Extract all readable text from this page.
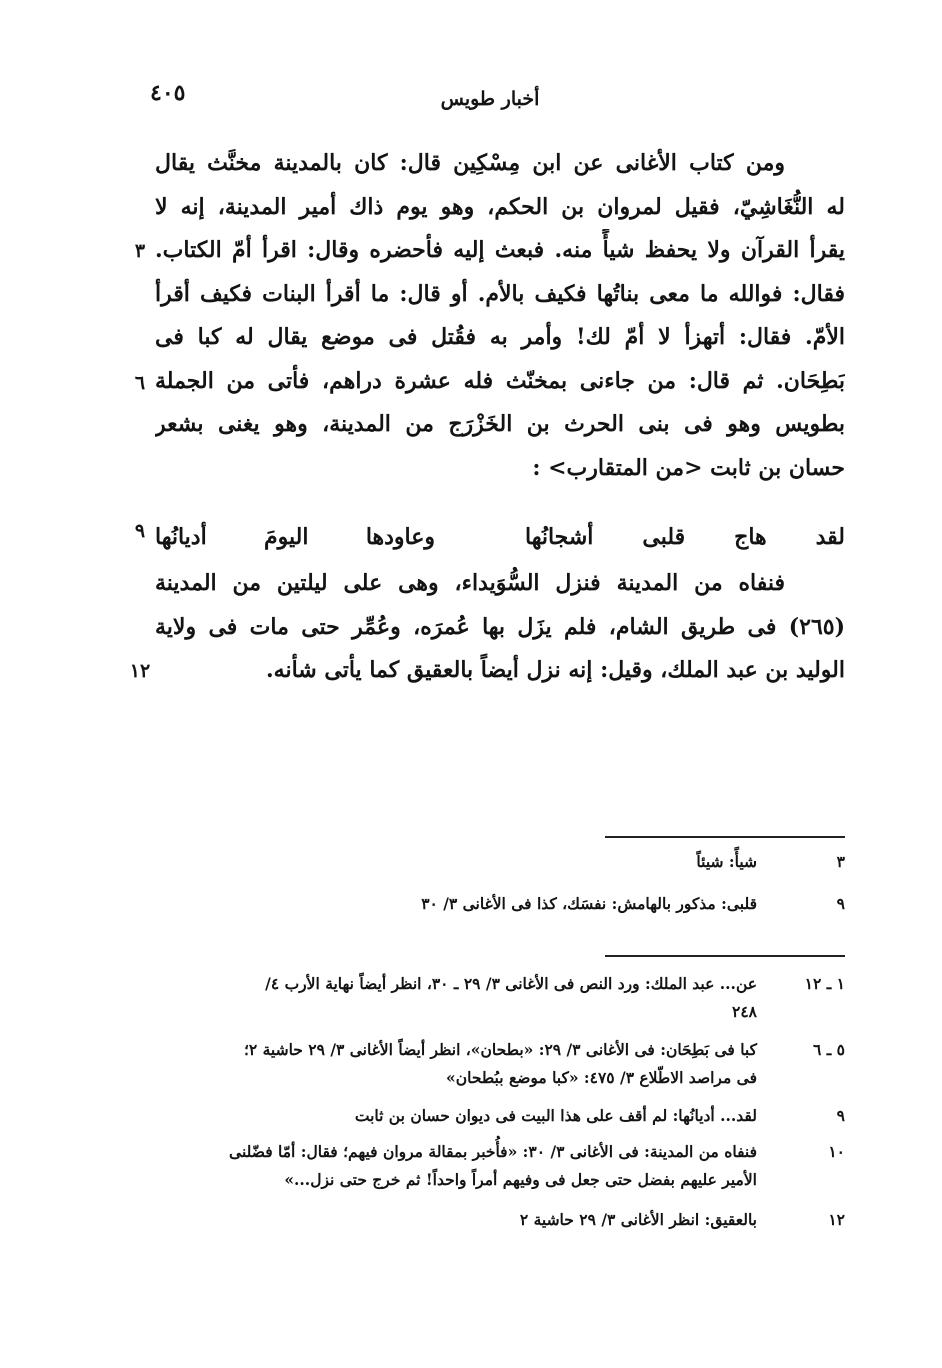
٤٠٥	أخبار طويس
ومن كتاب الأغانى عن ابن مِسْكِين قال: كان بالمدينة مخنَّث يقال
له النُّغَاشِيّ، فقيل لمروان بن الحكم، وهو يوم ذاك أمير المدينة، إنه لا
يقرأ القرآن ولا يحفظ شيأً منه. فبعث إليه فأحضره وقال: اقرأ أمّ الكتاب.
فقال: فوالله ما معى بناتُها فكيف بالأم. أو قال: ما أقرأ البنات فكيف أقرأ
الأمّ. فقال: أتهزأ لا أمّ لك! وأمر به فقُتل فى موضع يقال له كبا فى
بَطِحَان. ثم قال: من جاءنى بمخنّث فله عشرة دراهم، فأتى من الجملة
بطويس وهو فى بنى الحرث بن الخَزْرَج من المدينة، وهو يغنى بشعر
حسان بن ثابت <من المتقارب> :
لقد هاج قلبى أشجانُها
وعاودها اليومَ أديانُها
فنفاه من المدينة فنزل السُّوَيداء، وهى على ليلتين من المدينة
(٢٦٥) فى طريق الشام، فلم يزَل بها عُمرَه، وعُمِّر حتى مات فى ولاية
الوليد بن عبد الملك، وقيل: إنه نزل أيضاً بالعقيق كما يأتى شأنه.
٣
٦
٩
١٢
٣
شيأً: شيئاً
٩
قلبى: مذكور بالهامش: نفسَك، كذا فى الأغانى ٣/ ٣٠
١ ـ ١٢
عن... عبد الملك: ورد النص فى الأغانى ٣/ ٢٩ ـ ٣٠، انظر أيضاً نهاية الأرب ٤/
٢٤٨
٥ ـ ٦
كبا فى بَطِحَان: فى الأغانى ٣/ ٢٩: «بطحان»، انظر أيضاً الأغانى ٣/ ٢٩ حاشية ٢؛
فى مراصد الاطّلاع ٣/ ٤٧٥: «كبا موضع ببُطحان»
٩
لقد... أديانُها: لم أقف على هذا البيت فى ديوان حسان بن ثابت
١٠
فنفاه من المدينة: فى الأغانى ٣/ ٣٠: «فأُخبر بمقالة مروان فيهم؛ فقال: أمّا فضّلنى
الأمير عليهم بفضل حتى جعل فى وفيهم أمراً واحداً! ثم خرج حتى نزل...»
١٢
بالعقيق: انظر الأغانى ٣/ ٢٩ حاشية ٢
